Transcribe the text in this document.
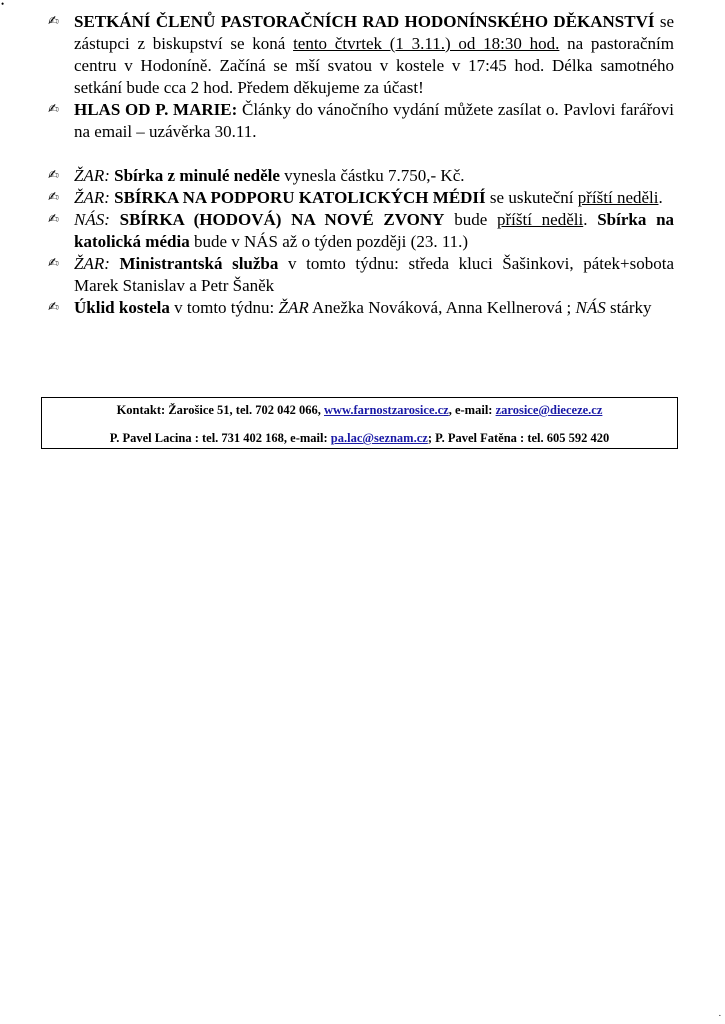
•
✍ SETKÁNÍ ČLENŮ PASTORAČNÍCH RAD HODONÍNSKÉHO DĚKANSTVÍ se zástupci z biskupství se koná tento čtvrtek (1 3.11.) od 18:30 hod. na pastoračním centru v Hodoníně. Začíná se mší svatou v kostele v 17:45 hod. Délka samotného setkání bude cca 2 hod. Předem děkujeme za účast!
✍ HLAS OD P. MARIE: Články do vánočního vydání můžete zasílat o. Pavlovi farářovi na email – uzávěrka 30.11.
✍ ŽAR: Sbírka z minulé neděle vynesla částku 7.750,- Kč.
✍ ŽAR: SBÍRKA NA PODPORU KATOLICKÝCH MÉDIÍ se uskuteční příští neděli.
✍ NÁS: SBÍRKA (HODOVÁ) NA NOVÉ ZVONY bude příští neděli. Sbírka na katolická média bude v NÁS až o týden později (23. 11.)
✍ ŽAR: Ministrantská služba v tomto týdnu: středa kluci Šašinkovi, pátek+sobota Marek Stanislav a Petr Šaněk
✍ Úklid kostela v tomto týdnu: ŽAR Anežka Nováková, Anna Kellnerová ; NÁS stárky
Kontakt: Žarošice 51, tel. 702 042 066, www.farnostzarosice.cz, e-mail: zarosice@dieceze.cz
P. Pavel Lacina : tel. 731 402 168, e-mail: pa.lac@seznam.cz; P. Pavel Fatěna : tel. 605 592 420
.
